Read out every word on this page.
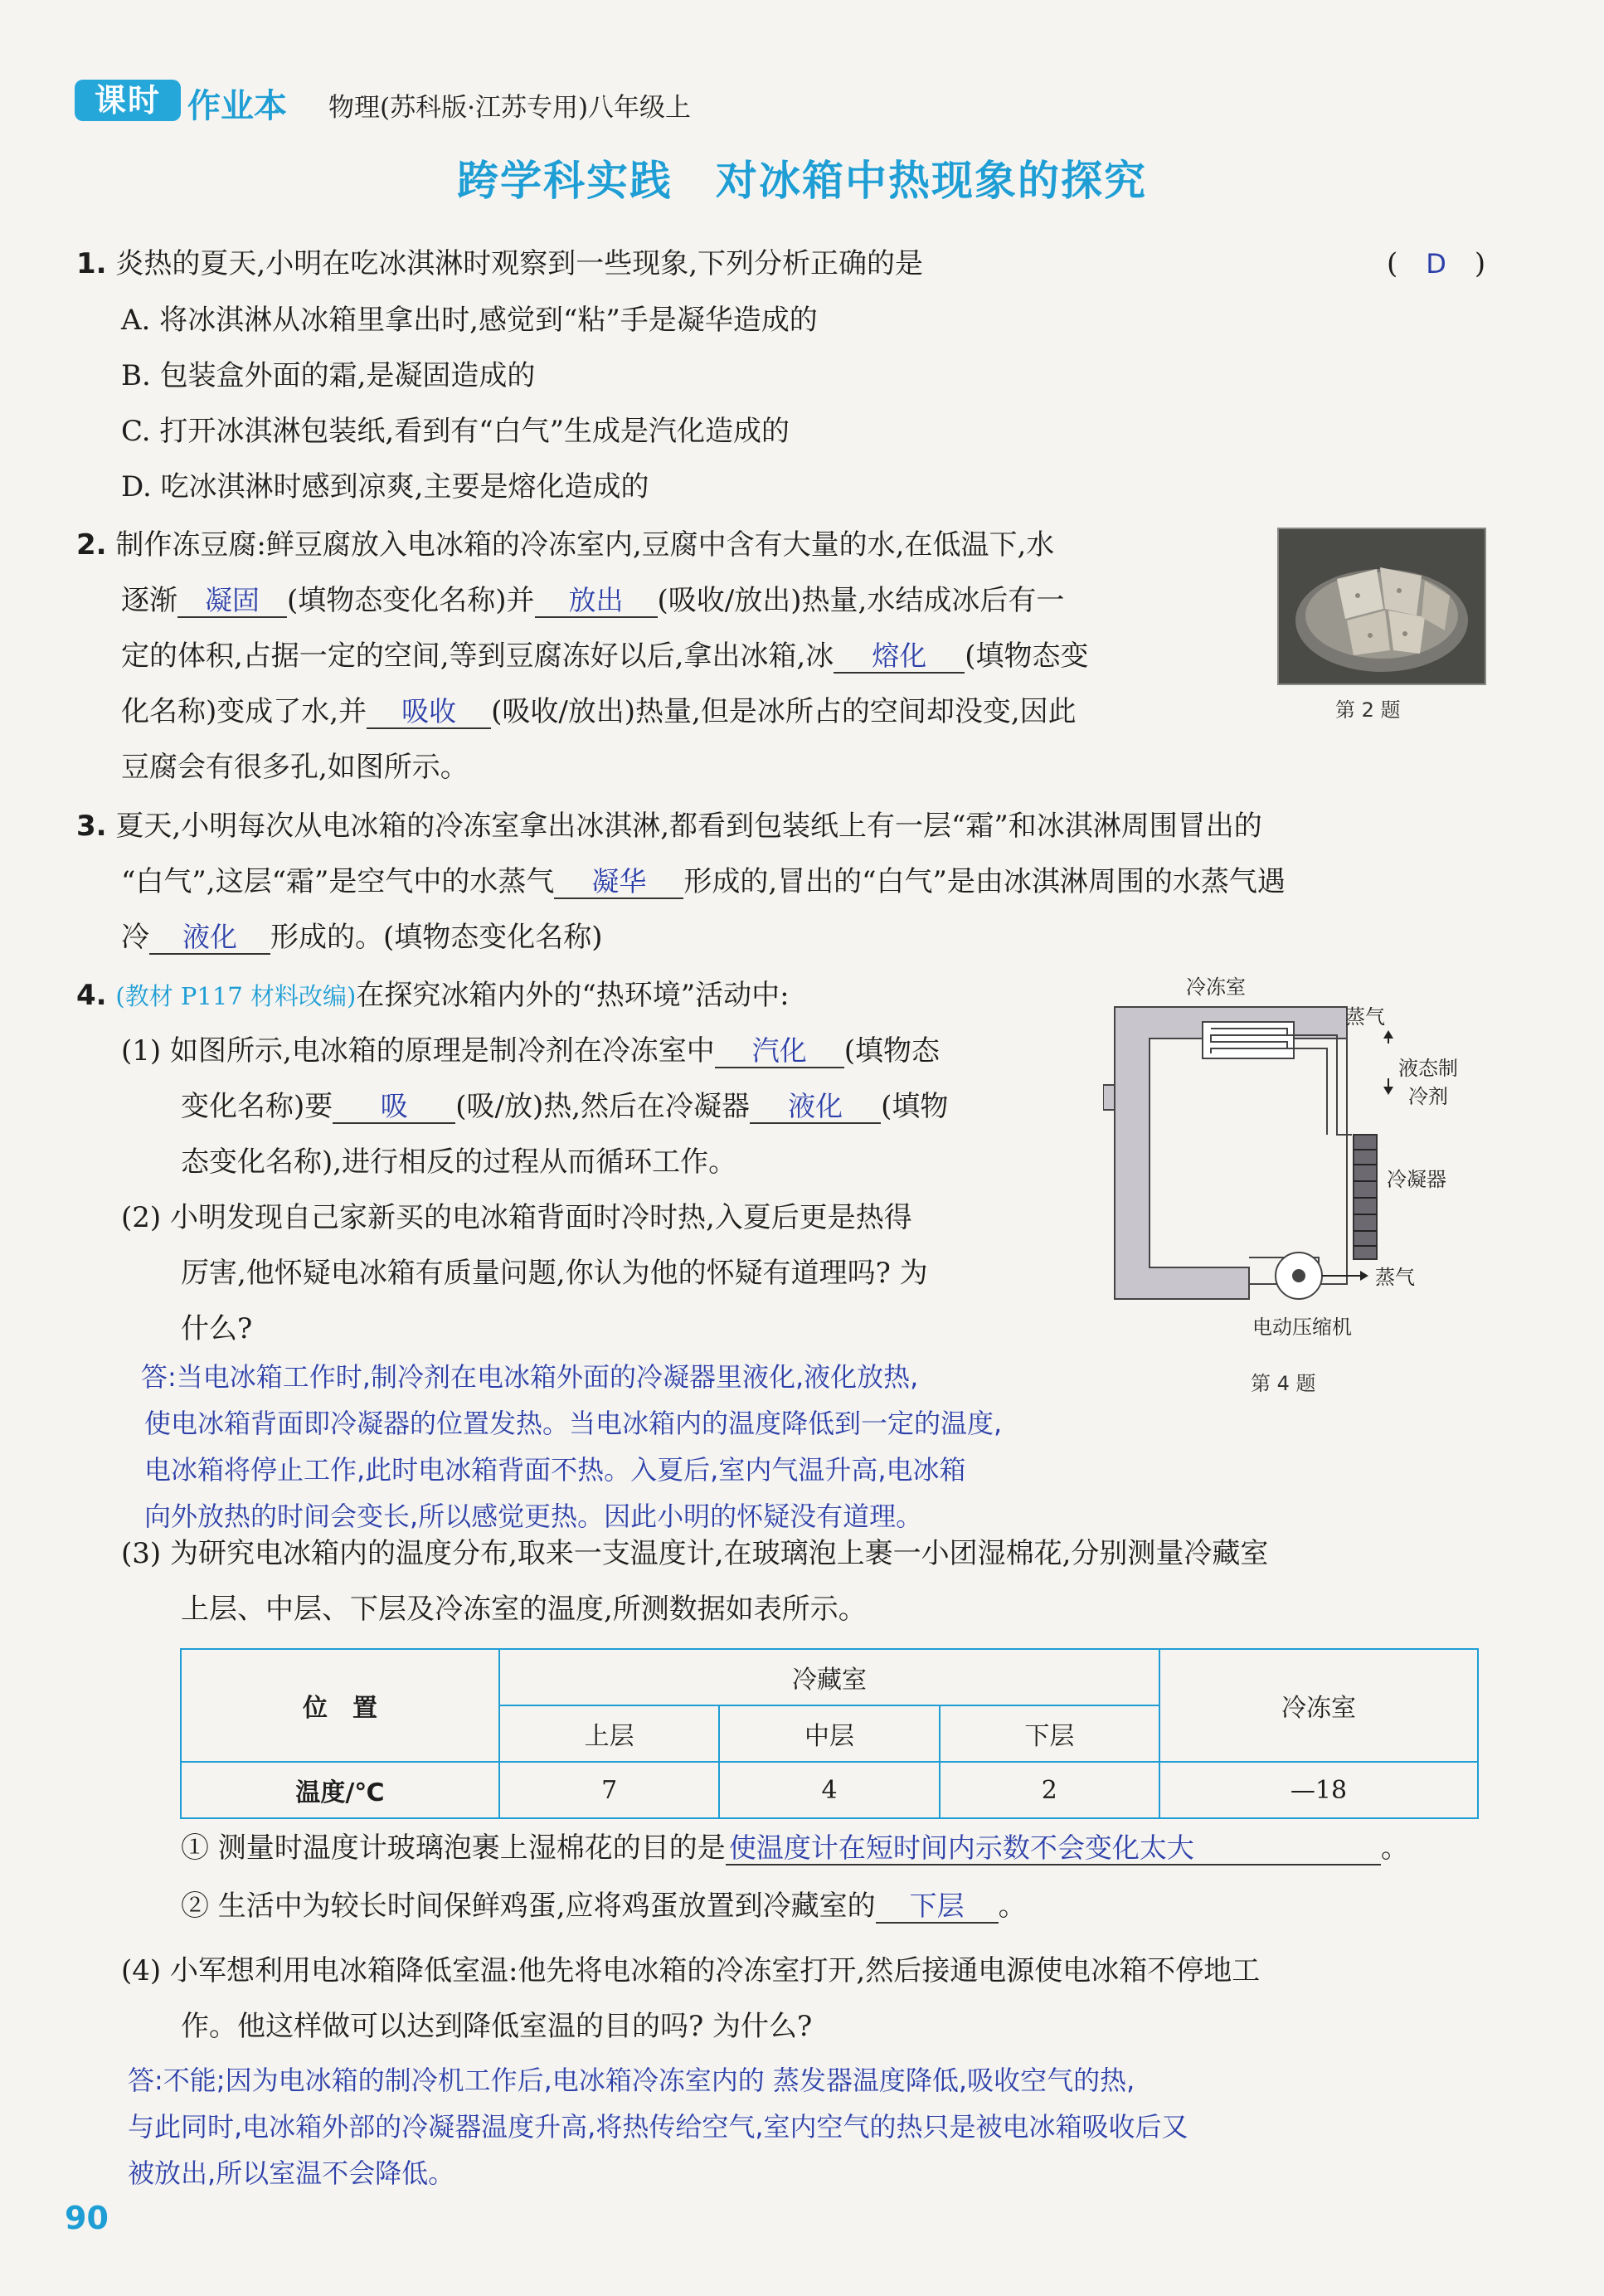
课时 作业本 物理(苏科版·江苏专用)八年级上
跨学科实践　对冰箱中热现象的探究
1. 炎热的夏天,小明在吃冰淇淋时观察到一些现象,下列分析正确的是	(　D　)
A. 将冰淇淋从冰箱里拿出时,感觉到“粘”手是凝华造成的
B. 包装盒外面的霜,是凝固造成的
C. 打开冰淇淋包装纸,看到有“白气”生成是汽化造成的
D. 吃冰淇淋时感到凉爽,主要是熔化造成的
2. 制作冻豆腐:鲜豆腐放入电冰箱的冷冻室内,豆腐中含有大量的水,在低温下,水
逐渐 凝固 (填物态变化名称)并 放出 (吸收/放出)热量,水结成冰后有一
定的体积,占据一定的空间,等到豆腐冻好以后,拿出冰箱,冰 熔化 (填物态变
化名称)变成了水,并 吸收 (吸收/放出)热量,但是冰所占的空间却没变,因此
豆腐会有很多孔,如图所示。
第 2 题
3. 夏天,小明每次从电冰箱的冷冻室拿出冰淇淋,都看到包装纸上有一层“霜”和冰淇淋周围冒出的
“白气”,这层“霜”是空气中的水蒸气 凝华 形成的,冒出的“白气”是由冰淇淋周围的水蒸气遇
冷 液化 形成的。(填物态变化名称)
4. (教材 P117 材料改编)在探究冰箱内外的“热环境”活动中:
(1) 如图所示,电冰箱的原理是制冷剂在冷冻室中 汽化 (填物态
变化名称)要 吸 (吸/放)热,然后在冷凝器 液化 (填物
态变化名称),进行相反的过程从而循环工作。
(2) 小明发现自己家新买的电冰箱背面时冷时热,入夏后更是热得
厉害,他怀疑电冰箱有质量问题,你认为他的怀疑有道理吗? 为
什么?
答:当电冰箱工作时,制冷剂在电冰箱外面的冷凝器里液化,液化放热,
使电冰箱背面即冷凝器的位置发热。当电冰箱内的温度降低到一定的温度,
电冰箱将停止工作,此时电冰箱背面不热。入夏后,室内气温升高,电冰箱
向外放热的时间会变长,所以感觉更热。因此小明的怀疑没有道理。
冷冻室
蒸气
液态制
冷剂
冷凝器
蒸气
电动压缩机
第 4 题
(3) 为研究电冰箱内的温度分布,取来一支温度计,在玻璃泡上裹一小团湿棉花,分别测量冷藏室
上层、中层、下层及冷冻室的温度,所测数据如表所示。
位　置	冷藏室			冷冻室
	上层	中层	下层	
温度/℃	7	4	2	—18
① 测量时温度计玻璃泡裹上湿棉花的目的是 使温度计在短时间内示数不会变化太大	。
② 生活中为较长时间保鲜鸡蛋,应将鸡蛋放置到冷藏室的 下层 。
(4) 小军想利用电冰箱降低室温:他先将电冰箱的冷冻室打开,然后接通电源使电冰箱不停地工
作。他这样做可以达到降低室温的目的吗? 为什么?
答:不能;因为电冰箱的制冷机工作后,电冰箱冷冻室内的 蒸发器温度降低,吸收空气的热,
与此同时,电冰箱外部的冷凝器温度升高,将热传给空气,室内空气的热只是被电冰箱吸收后又
被放出,所以室温不会降低。
90
